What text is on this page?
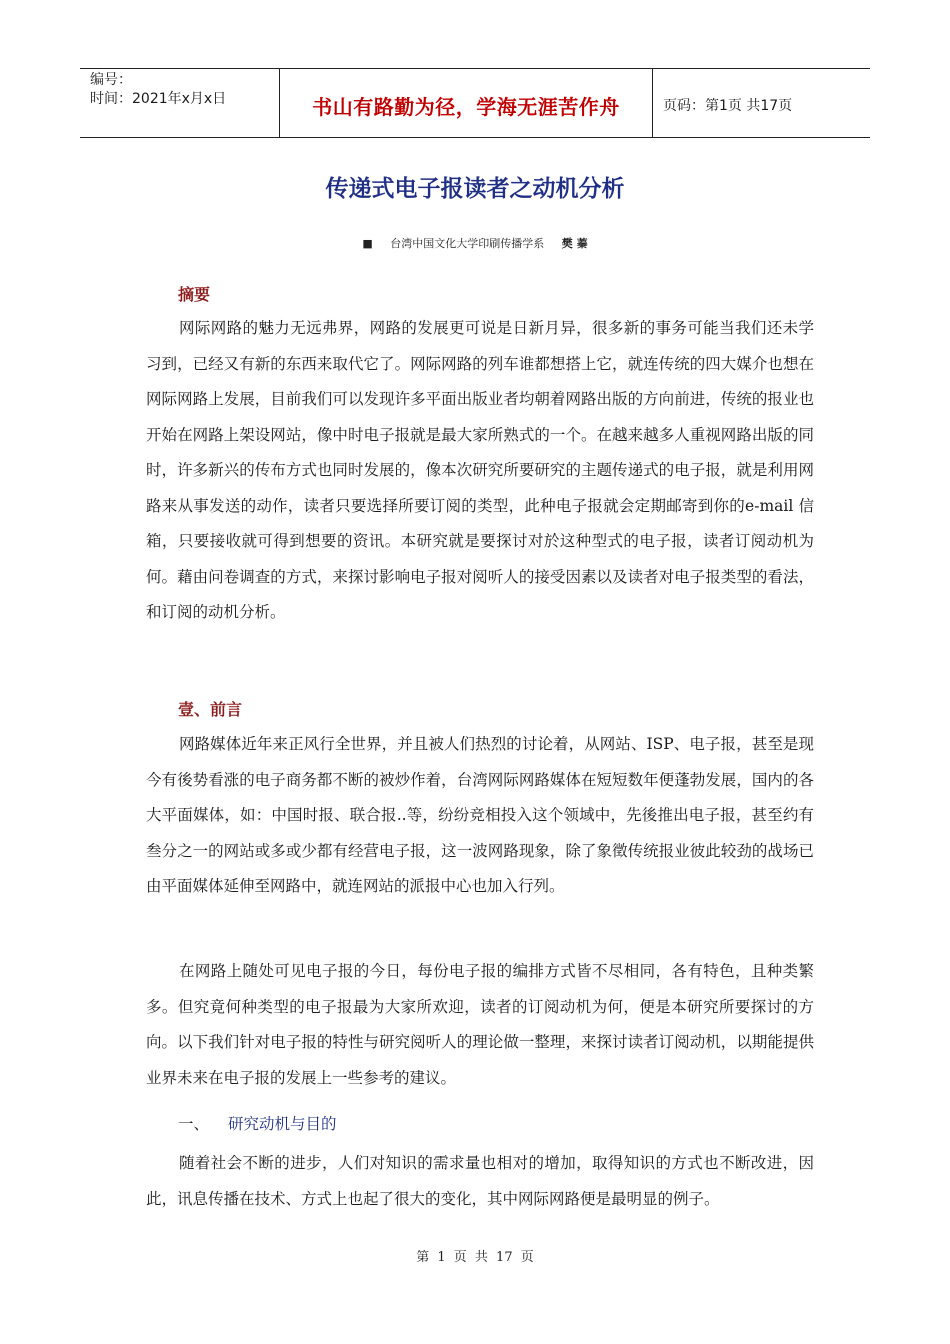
编号：
时间：2021年x月x日	书山有路勤为径，学海无涯苦作舟	页码：第1页 共17页
传递式电子报读者之动机分析
■ 台湾中国文化大学印刷传播学系 樊 蓁
摘要

网际网路的魅力无远弗界，网路的发展更可说是日新月异，很多新的事务可能当我们还未学习到，已经又有新的东西来取代它了。网际网路的列车谁都想搭上它，就连传统的四大媒介也想在网际网路上发展，目前我们可以发现许多平面出版业者均朝着网路出版的方向前进，传统的报业也开始在网路上架设网站，像中时电子报就是最大家所熟式的一个。在越来越多人重视网路出版的同时，许多新兴的传布方式也同时发展的，像本次研究所要研究的主题传递式的电子报，就是利用网路来从事发送的动作，读者只要选择所要订阅的类型，此种电子报就会定期邮寄到你的e-mail 信箱，只要接收就可得到想要的资讯。本研究就是要探讨对於这种型式的电子报，读者订阅动机为何。藉由问卷调查的方式，来探讨影响电子报对阅听人的接受因素以及读者对电子报类型的看法，和订阅的动机分析。

壹、前言

网路媒体近年来正风行全世界，并且被人们热烈的讨论着，从网站、ISP、电子报，甚至是现今有後势看涨的电子商务都不断的被炒作着，台湾网际网路媒体在短短数年便蓬勃发展，国内的各大平面媒体，如：中国时报、联合报..等，纷纷竞相投入这个领域中，先後推出电子报，甚至约有叁分之一的网站或多或少都有经营电子报，这一波网路现象，除了象徵传统报业彼此较劲的战场已由平面媒体延伸至网路中，就连网站的派报中心也加入行列。

在网路上随处可见电子报的今日，每份电子报的编排方式皆不尽相同，各有特色，且种类繁多。但究竟何种类型的电子报最为大家所欢迎，读者的订阅动机为何，便是本研究所要探讨的方向。以下我们针对电子报的特性与研究阅听人的理论做一整理，来探讨读者订阅动机，以期能提供业界未来在电子报的发展上一些参考的建议。

一、 研究动机与目的

随着社会不断的进步，人们对知识的需求量也相对的增加，取得知识的方式也不断改进，因此，讯息传播在技术、方式上也起了很大的变化，其中网际网路便是最明显的例子。

第 1 页 共 17 页
